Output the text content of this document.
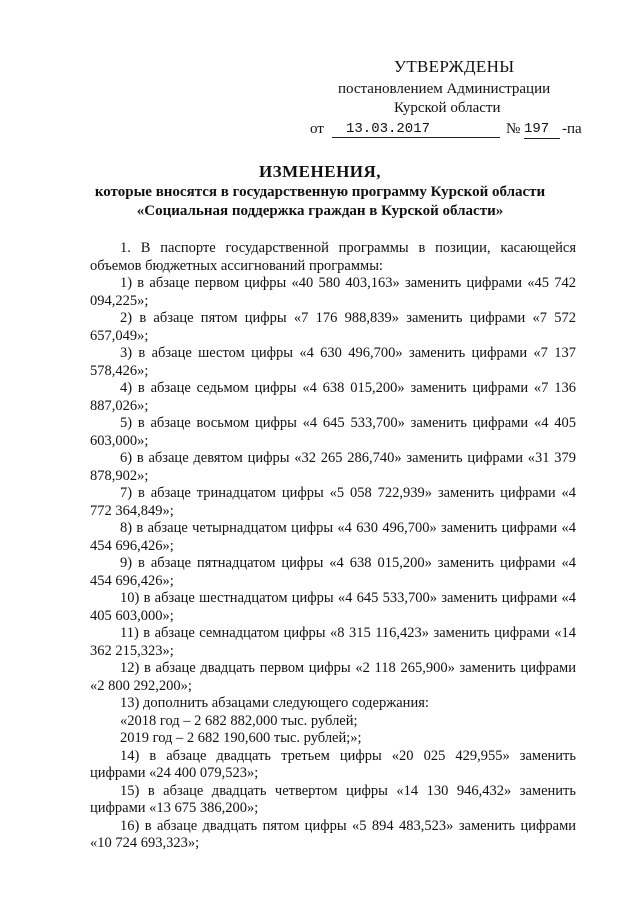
УТВЕРЖДЕНЫ
постановлением Администрации
Курской области
от	13.03.2017	№ 197 -па
ИЗМЕНЕНИЯ,
которые вносятся в государственную программу Курской области
«Социальная поддержка граждан в Курской области»

1. В паспорте государственной программы в позиции, касающейся объемов бюджетных ассигнований программы:

1) в абзаце первом цифры «40 580 403,163» заменить цифрами «45 742 094,225»;

2) в абзаце пятом цифры «7 176 988,839» заменить цифрами «7 572 657,049»;

3) в абзаце шестом цифры «4 630 496,700» заменить цифрами «7 137 578,426»;

4) в абзаце седьмом цифры «4 638 015,200» заменить цифрами «7 136 887,026»;

5) в абзаце восьмом цифры «4 645 533,700» заменить цифрами «4 405 603,000»;

6) в абзаце девятом цифры «32 265 286,740» заменить цифрами «31 379 878,902»;

7) в абзаце тринадцатом цифры «5 058 722,939» заменить цифрами «4 772 364,849»;

8) в абзаце четырнадцатом цифры «4 630 496,700» заменить цифрами «4 454 696,426»;

9) в абзаце пятнадцатом цифры «4 638 015,200» заменить цифрами «4 454 696,426»;

10) в абзаце шестнадцатом цифры «4 645 533,700» заменить цифрами «4 405 603,000»;

11) в абзаце семнадцатом цифры «8 315 116,423» заменить цифрами «14 362 215,323»;

12) в абзаце двадцать первом цифры «2 118 265,900» заменить цифрами «2 800 292,200»;

13) дополнить абзацами следующего содержания:

«2018 год – 2 682 882,000 тыс. рублей;

2019 год – 2 682 190,600 тыс. рублей;»;

14) в абзаце двадцать третьем цифры «20 025 429,955» заменить цифрами «24 400 079,523»;

15) в абзаце двадцать четвертом цифры «14 130 946,432» заменить цифрами «13 675 386,200»;

16) в абзаце двадцать пятом цифры «5 894 483,523» заменить цифрами «10 724 693,323»;
